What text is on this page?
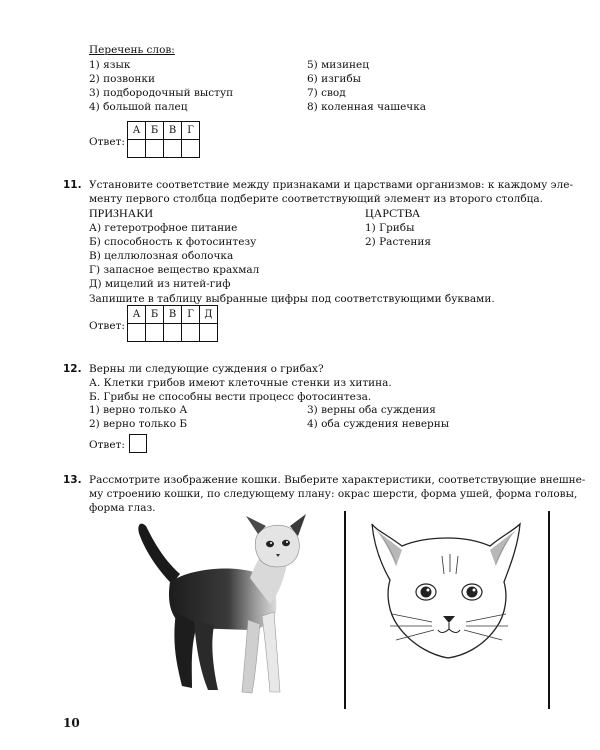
Перечень слов:
1) язык
2) позвонки
3) подбородочный выступ
4) большой палец
5) мизинец
6) изгибы
7) свод
8) коленная чашечка
Ответ:
А	Б	В	Г

11. Установите соответствие между признаками и царствами организмов: к каждому эле-
менту первого столбца подберите соответствующий элемент из второго столбца.
ПРИЗНАКИ	ЦАРСТВА
А) гетеротрофное питание
Б) способность к фотосинтезу
В) целлюлозная оболочка
Г) запасное вещество крахмал
Д) мицелий из нитей-гиф
1) Грибы
2) Растения
Запишите в таблицу выбранные цифры под соответствующими буквами.
Ответ:
А	Б	В	Г	Д

12. Верны ли следующие суждения о грибах?
А. Клетки грибов имеют клеточные стенки из хитина.
Б. Грибы не способны вести процесс фотосинтеза.
1) верно только А
2) верно только Б
3) верны оба суждения
4) оба суждения неверны
Ответ:
13. Рассмотрите изображение кошки. Выберите характеристики, соответствующие внешне-
му строению кошки, по следующему плану: окрас шерсти, форма ушей, форма головы,
форма глаз.
10
